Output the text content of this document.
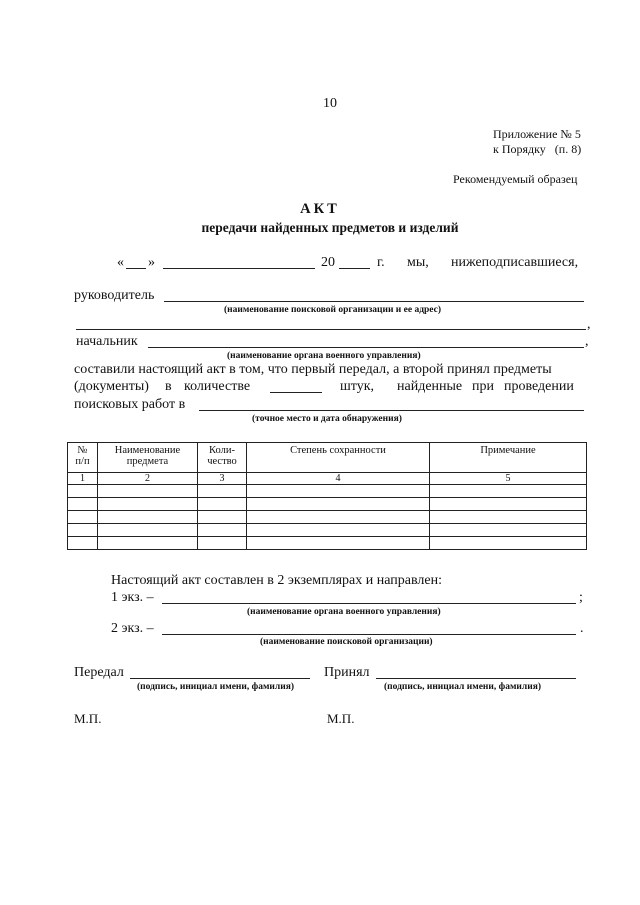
10
Приложение № 5
к Порядку (п. 8)
Рекомендуемый образец
АКТ
передачи найденных предметов и изделий
« »	20	г. мы, нижеподписавшиеся,
руководитель
(наименование поисковой организации и ее адрес)
,
начальник	,
(наименование органа военного управления)
составили настоящий акт в том, что первый передал, а второй принял предметы
(документы) в количестве	штук, найденные при проведении
поисковых работ в
(точное место и дата обнаружения)
№ п/п	Наименование предмета	Коли-чество	Степень сохранности	Примечание
1	2	3	4	5

Настоящий акт составлен в 2 экземплярах и направлен:
1 экз. –	;
(наименование органа военного управления)
2 экз. –	.
(наименование поисковой организации)
Передал
(подпись, инициал имени, фамилия)
Принял
(подпись, инициал имени, фамилия)
М.П.	М.П.
